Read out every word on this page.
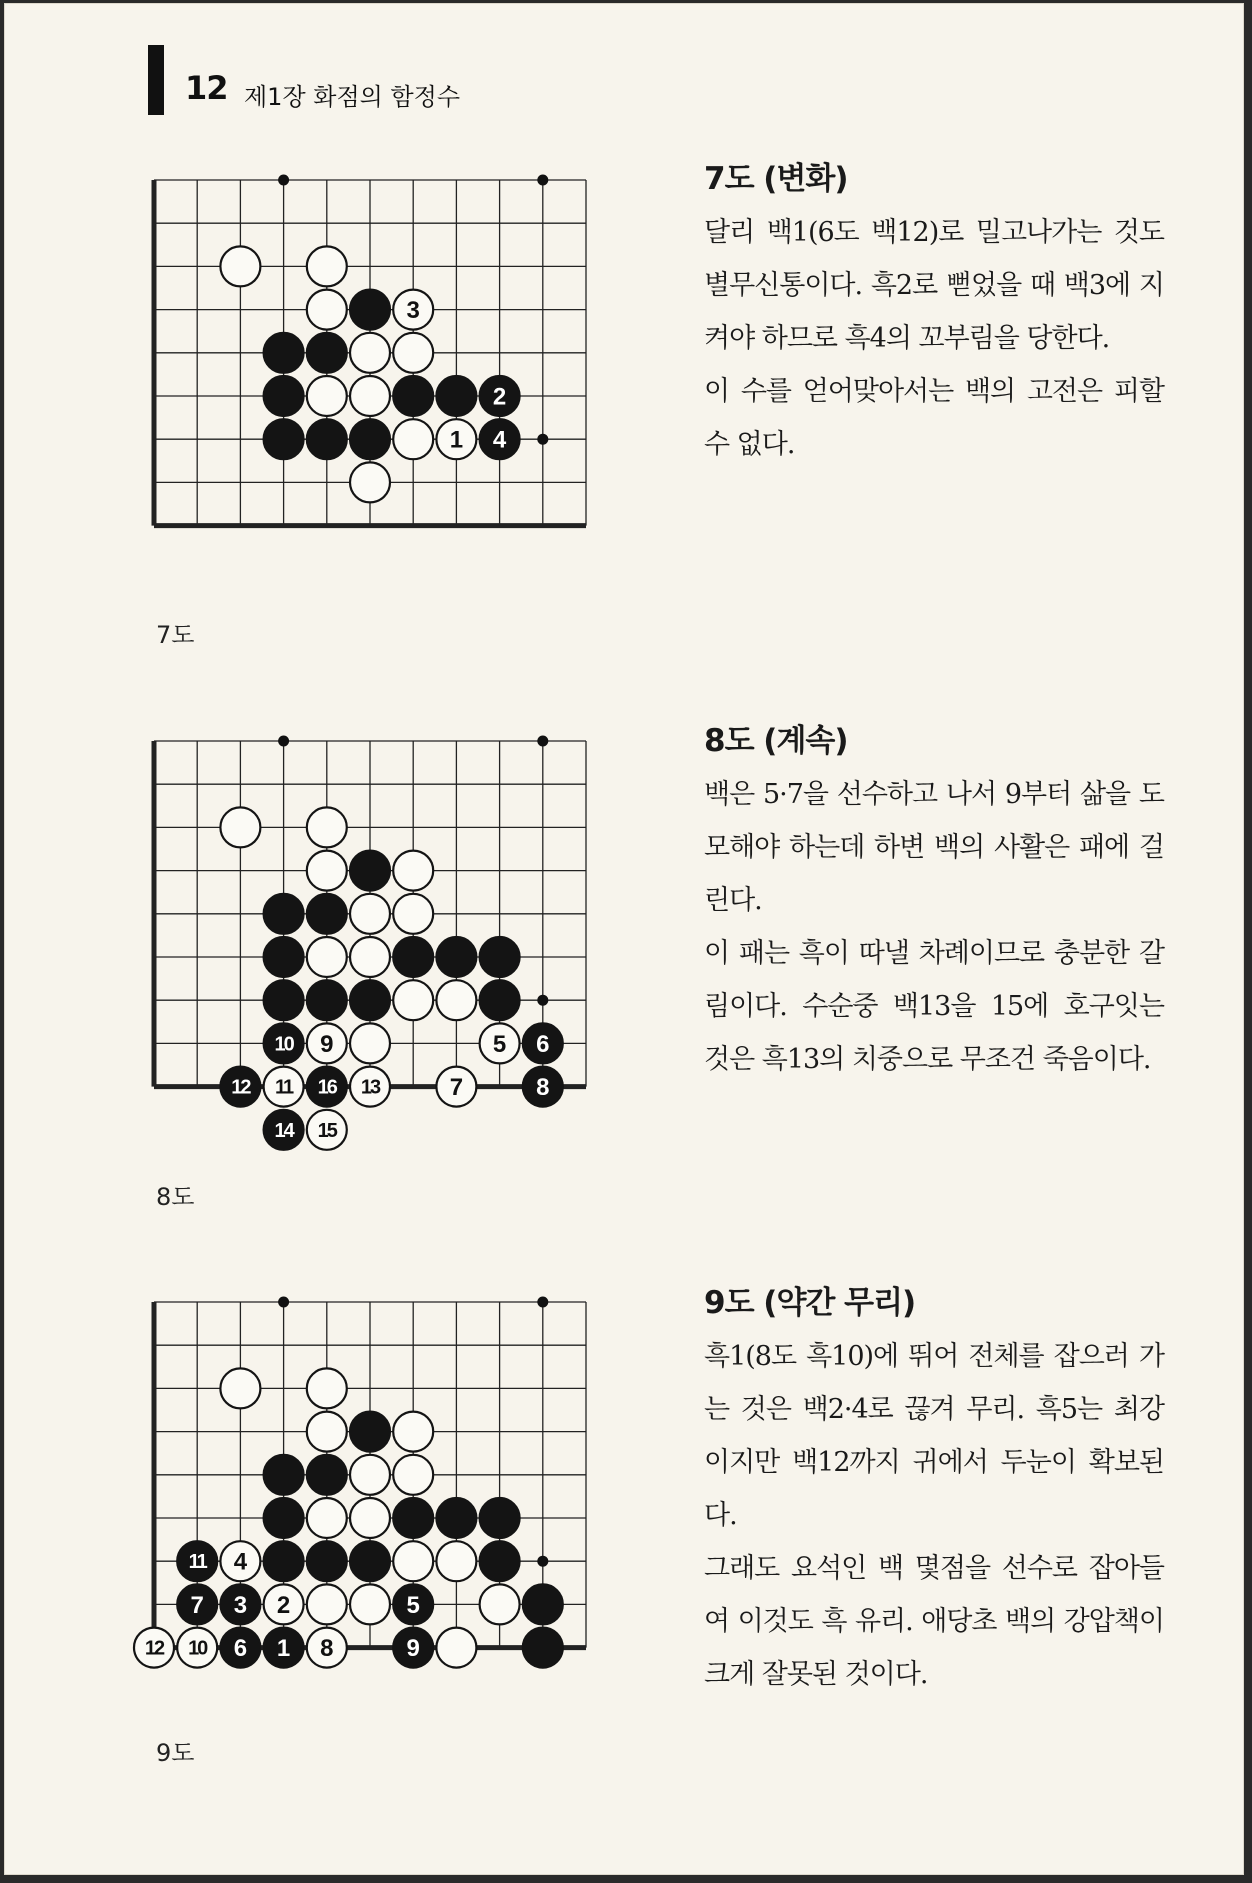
12 제1장 화점의 함정수
3
2
1 4
7도
7도 (변화)

달리 백1(6도 백12)로 밀고나가는 것도 별무신통이다. 흑2로 뻗었을 때 백3에 지켜야 하므로 흑4의 꼬부림을 당한다.

이 수를 얻어맞아서는 백의 고전은 피할 수 없다.

10 9	5 6
12 11 16 13	7	8
14 15
8도
8도 (계속)

백은 5·7을 선수하고 나서 9부터 삶을 도모해야 하는데 하변 백의 사활은 패에 걸린다.

이 패는 흑이 따낼 차례이므로 충분한 갈림이다. 수순중 백13을 15에 호구잇는 것은 흑13의 치중으로 무조건 죽음이다.

11 4
7 3 2	5
12 10 6 1 8	9
9도
9도 (약간 무리)

흑1(8도 흑10)에 뛰어 전체를 잡으러 가는 것은 백2·4로 끊겨 무리. 흑5는 최강이지만 백12까지 귀에서 두눈이 확보된다.

그래도 요석인 백 몇점을 선수로 잡아들여 이것도 흑 유리. 애당초 백의 강압책이 크게 잘못된 것이다.
